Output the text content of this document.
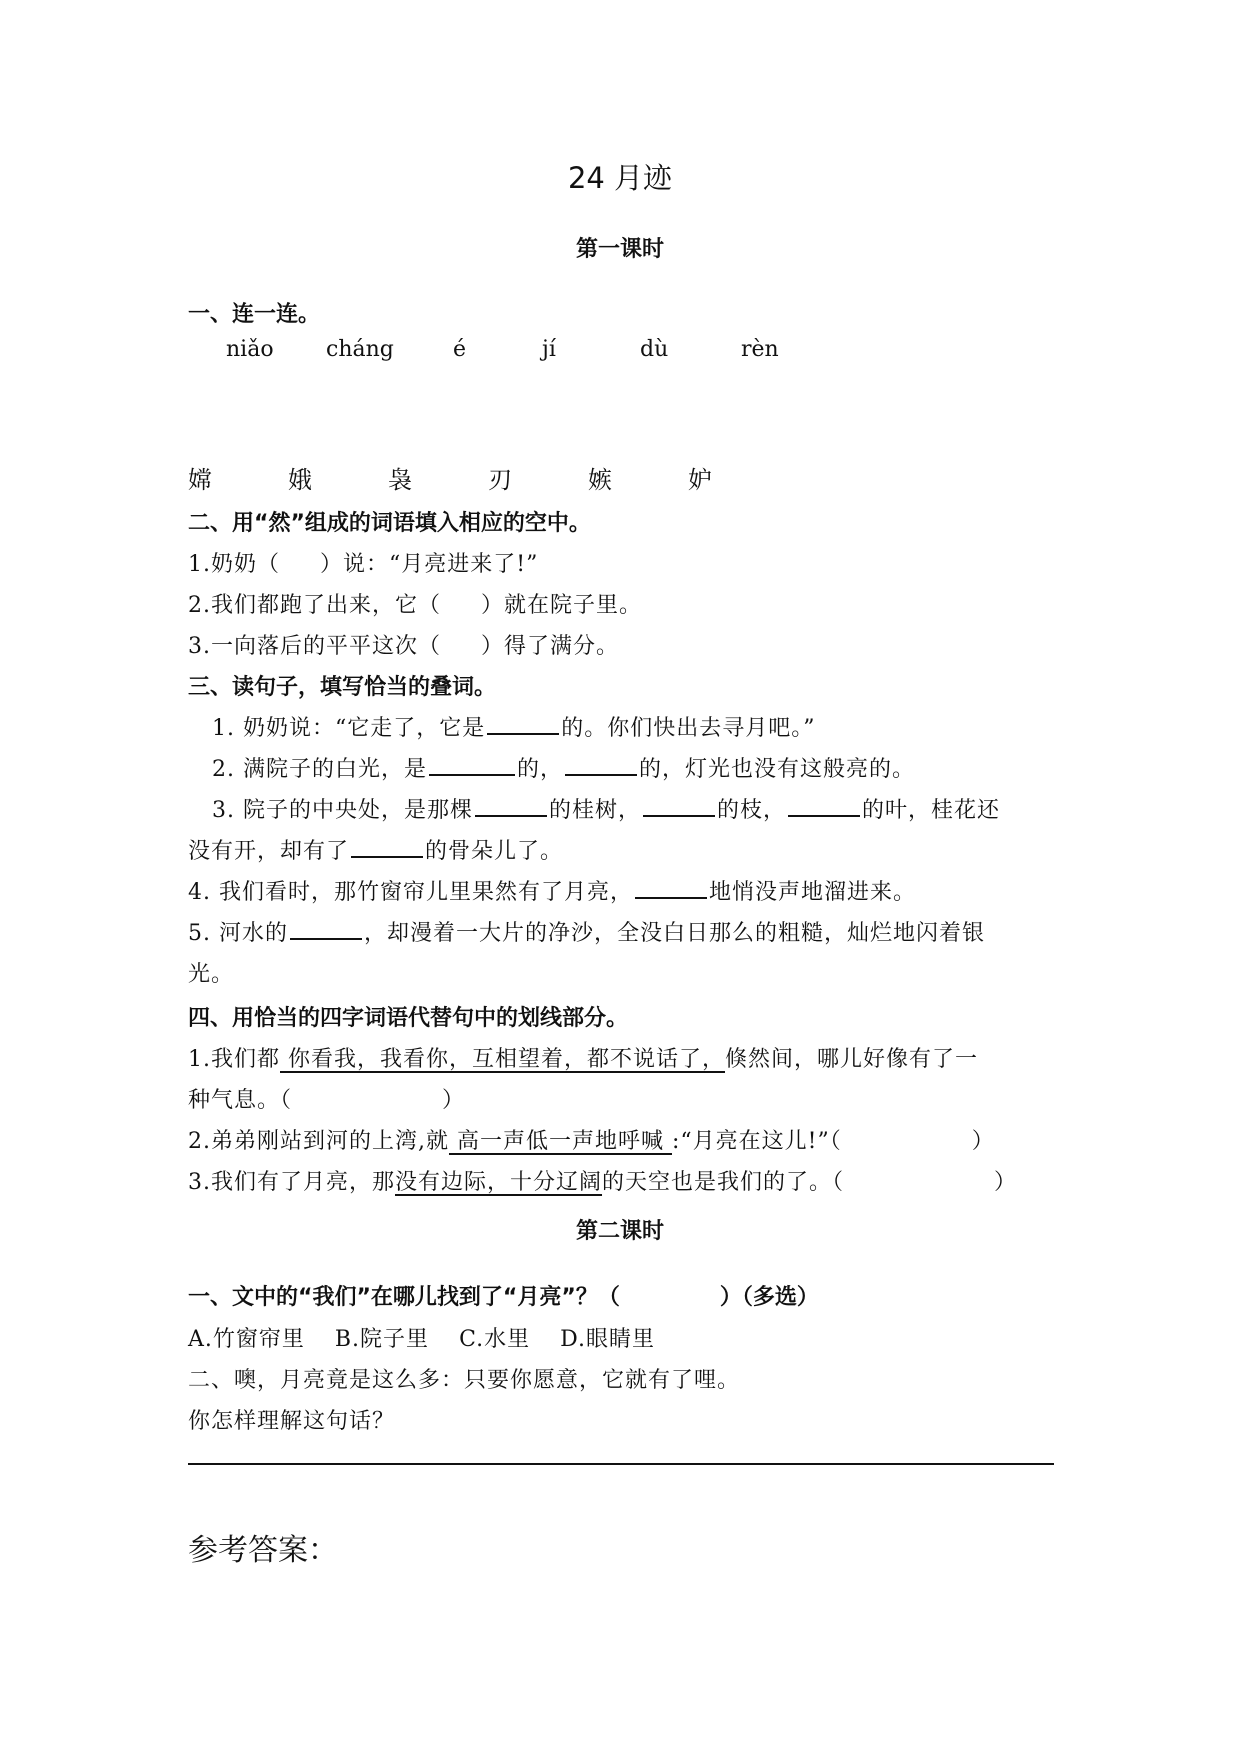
24 月迹
第一课时
一、连一连。
niǎo cháng	é	jí	dù	rèn
嫦	娥	袅	刃	嫉	妒
二、用“然”组成的词语填入相应的空中。
1.奶奶（ ）说：“月亮进来了!”
2.我们都跑了出来，它（ ）就在院子里。
3.一向落后的平平这次（ ）得了满分。
三、读句子，填写恰当的叠词。
1. 奶奶说：“它走了，它是	的。你们快出去寻月吧。”
2. 满院子的白光，是	的，	的，灯光也没有这般亮的。
3. 院子的中央处，是那棵	的桂树，	的枝，	的叶，桂花还
没有开，却有了	的骨朵儿了。
4. 我们看时，那竹窗帘儿里果然有了月亮，	地悄没声地溜进来。
5. 河水的	，却漫着一大片的净沙，全没白日那么的粗糙，灿烂地闪着银
光。
四、用恰当的四字词语代替句中的划线部分。
1.我们都 你看我，我看你，互相望着，都不说话了，倏然间，哪儿好像有了一
种气息。（	）
2.弟弟刚站到河的上湾,就 高一声低一声地呼喊 :“月亮在这儿!”（	）
3.我们有了月亮，那没有边际，十分辽阔的天空也是我们的了。（	）
第二课时
一、文中的“我们”在哪儿找到了“月亮”？（	）（多选）
A.竹窗帘里 B.院子里 C.水里 D.眼睛里
二、噢，月亮竟是这么多：只要你愿意，它就有了哩。
你怎样理解这句话？
参考答案：
